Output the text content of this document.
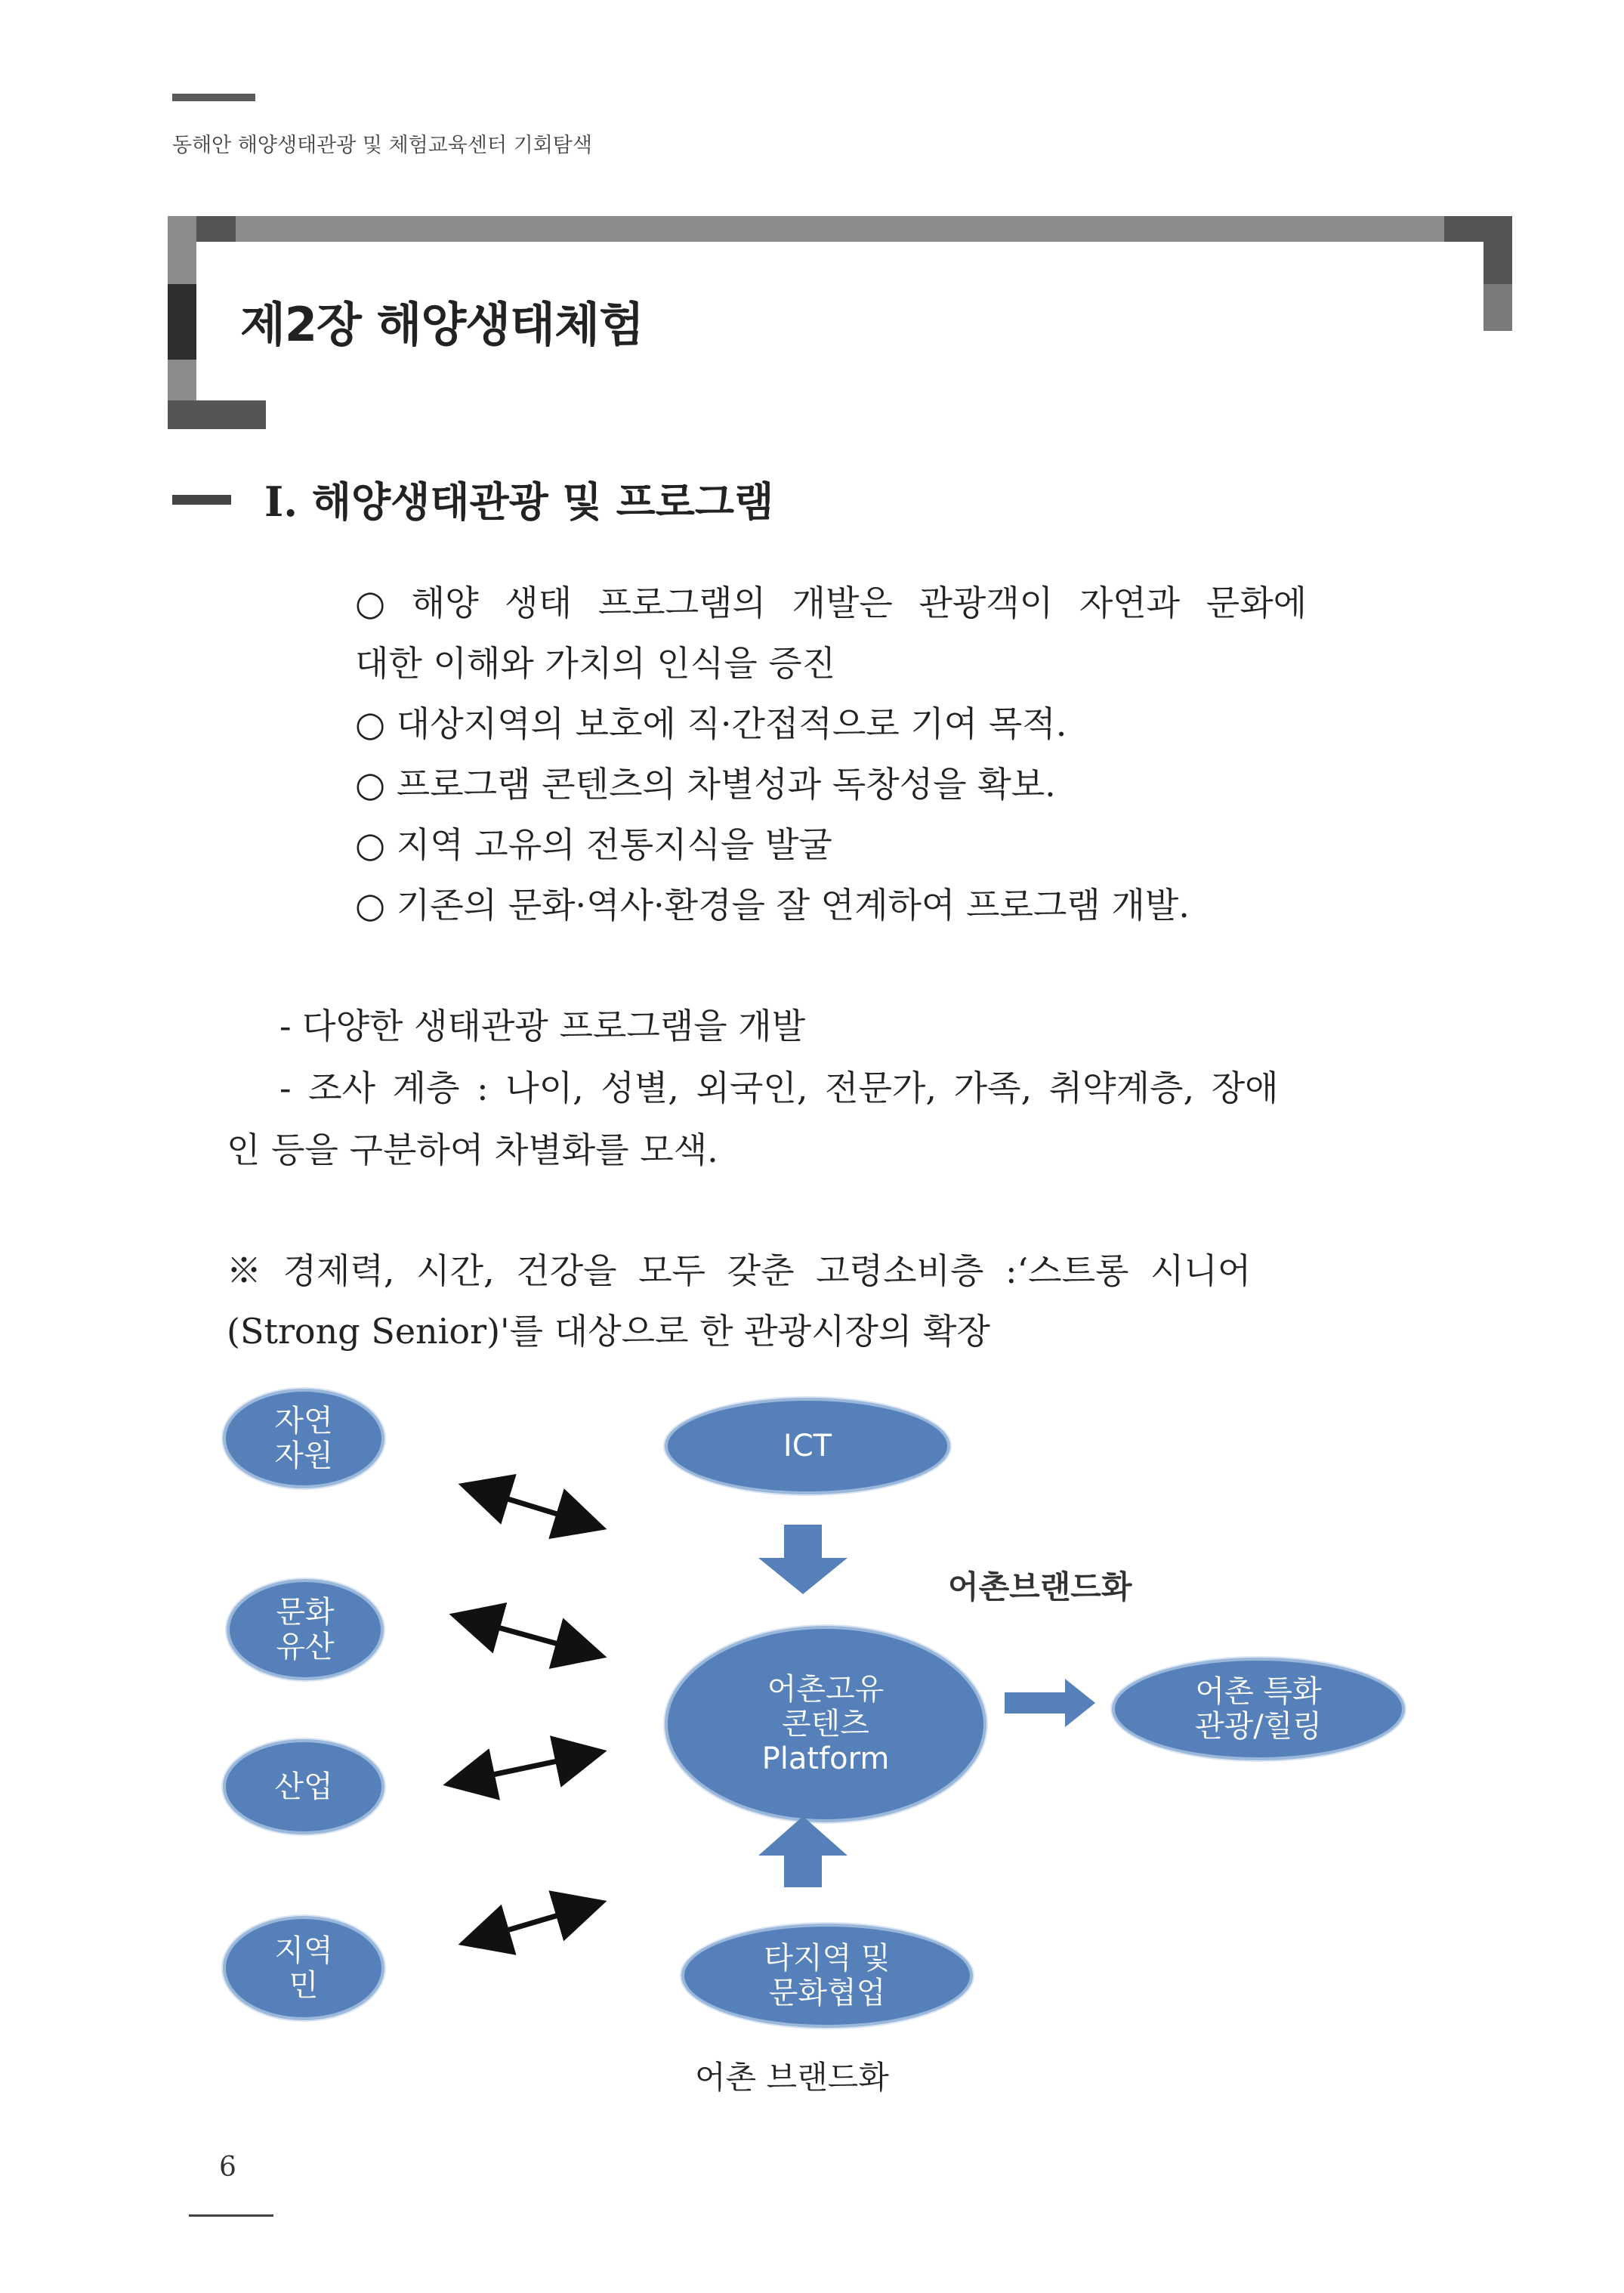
동해안 해양생태관광 및 체험교육센터 기회탐색
제2장 해양생태체험
Ⅰ. 해양생태관광 및 프로그램
○ 해양 생태 프로그램의 개발은 관광객이 자연과 문화에
대한 이해와 가치의 인식을 증진
○ 대상지역의 보호에 직·간접적으로 기여 목적.
○ 프로그램 콘텐츠의 차별성과 독창성을 확보.
○ 지역 고유의 전통지식을 발굴
○ 기존의 문화·역사·환경을 잘 연계하여 프로그램 개발.
- 다양한 생태관광 프로그램을 개발
- 조사 계층 : 나이, 성별, 외국인, 전문가, 가족, 취약계층, 장애
인 등을 구분하여 차별화를 모색.
※ 경제력, 시간, 건강을 모두 갖춘 고령소비층 :‘스트롱 시니어
(Strong Senior)'를 대상으로 한 관광시장의 확장
자연
자원
문화
유산
산업
지역
민
ICT
어촌고유
콘텐츠
Platform
타지역 및
문화협업
어촌 특화
관광/힐링
어촌브랜드화
어촌 브랜드화
6
